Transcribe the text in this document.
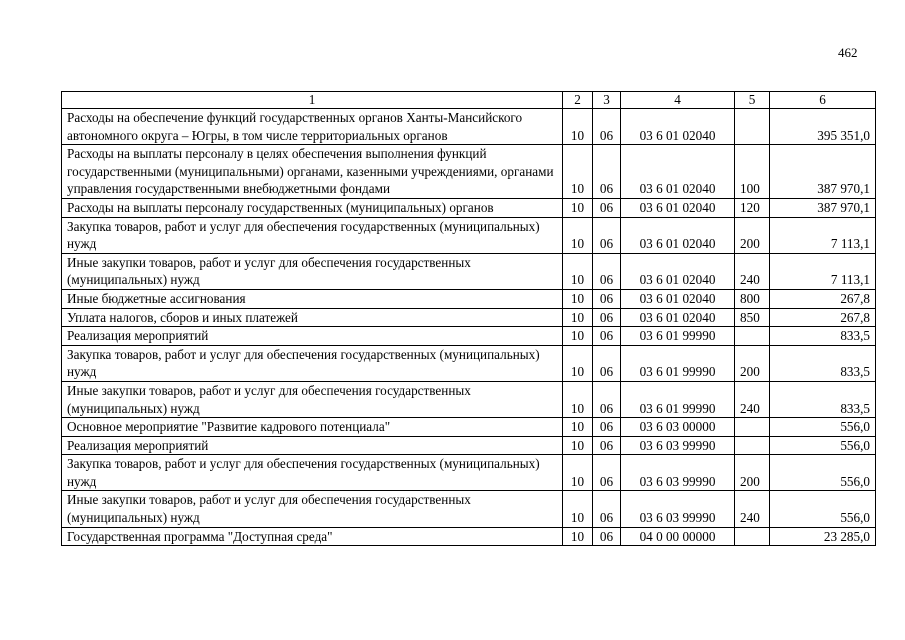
462
1	2	3	4	5	6
Расходы на обеспечение функций государственных органов Ханты-Мансийского автономного округа – Югры, в том числе территориальных органов	10	06	03 6 01 02040		395 351,0
Расходы на выплаты персоналу в целях обеспечения выполнения функций государственными (муниципальными) органами, казенными учреждениями, органами управления государственными внебюджетными фондами	10	06	03 6 01 02040	100	387 970,1
Расходы на выплаты персоналу государственных (муниципальных) органов	10	06	03 6 01 02040	120	387 970,1
Закупка товаров, работ и услуг для обеспечения государственных (муниципальных) нужд	10	06	03 6 01 02040	200	7 113,1
Иные закупки товаров, работ и услуг для обеспечения государственных (муниципальных) нужд	10	06	03 6 01 02040	240	7 113,1
Иные бюджетные ассигнования	10	06	03 6 01 02040	800	267,8
Уплата налогов, сборов и иных платежей	10	06	03 6 01 02040	850	267,8
Реализация мероприятий	10	06	03 6 01 99990		833,5
Закупка товаров, работ и услуг для обеспечения государственных (муниципальных) нужд	10	06	03 6 01 99990	200	833,5
Иные закупки товаров, работ и услуг для обеспечения государственных (муниципальных) нужд	10	06	03 6 01 99990	240	833,5
Основное мероприятие "Развитие кадрового потенциала"	10	06	03 6 03 00000		556,0
Реализация мероприятий	10	06	03 6 03 99990		556,0
Закупка товаров, работ и услуг для обеспечения государственных (муниципальных) нужд	10	06	03 6 03 99990	200	556,0
Иные закупки товаров, работ и услуг для обеспечения государственных (муниципальных) нужд	10	06	03 6 03 99990	240	556,0
Государственная программа "Доступная среда"	10	06	04 0 00 00000		23 285,0
